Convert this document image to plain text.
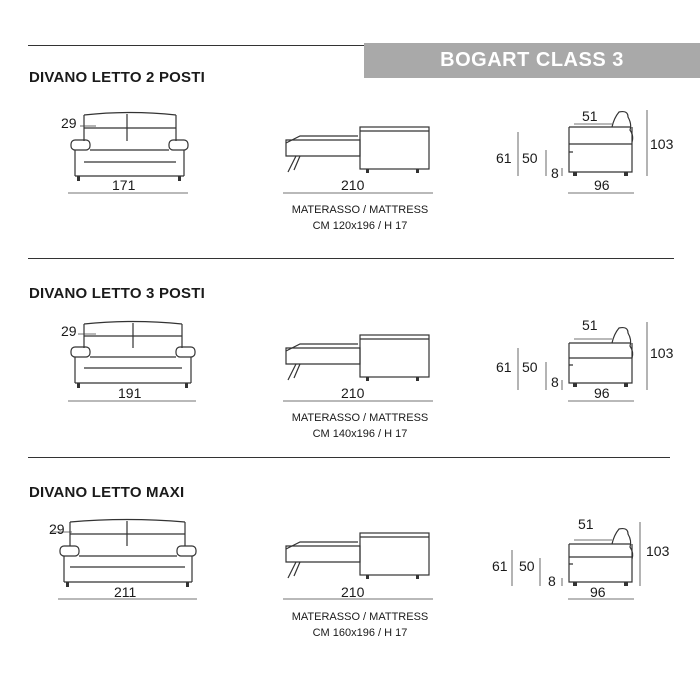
BOGART CLASS 3
DIVANO LETTO 2 POSTI
29
171	210
MATERASSO / MATTRESS
CM 120x196 / H 17
51
61 50
8
96
103
DIVANO LETTO 3 POSTI
29
191	210
MATERASSO / MATTRESS
CM 140x196 / H 17
51
61 50
8
96
103
DIVANO LETTO MAXI
29
211	210
MATERASSO / MATTRESS
CM 160x196 / H 17
51
61 50
8
96
103
